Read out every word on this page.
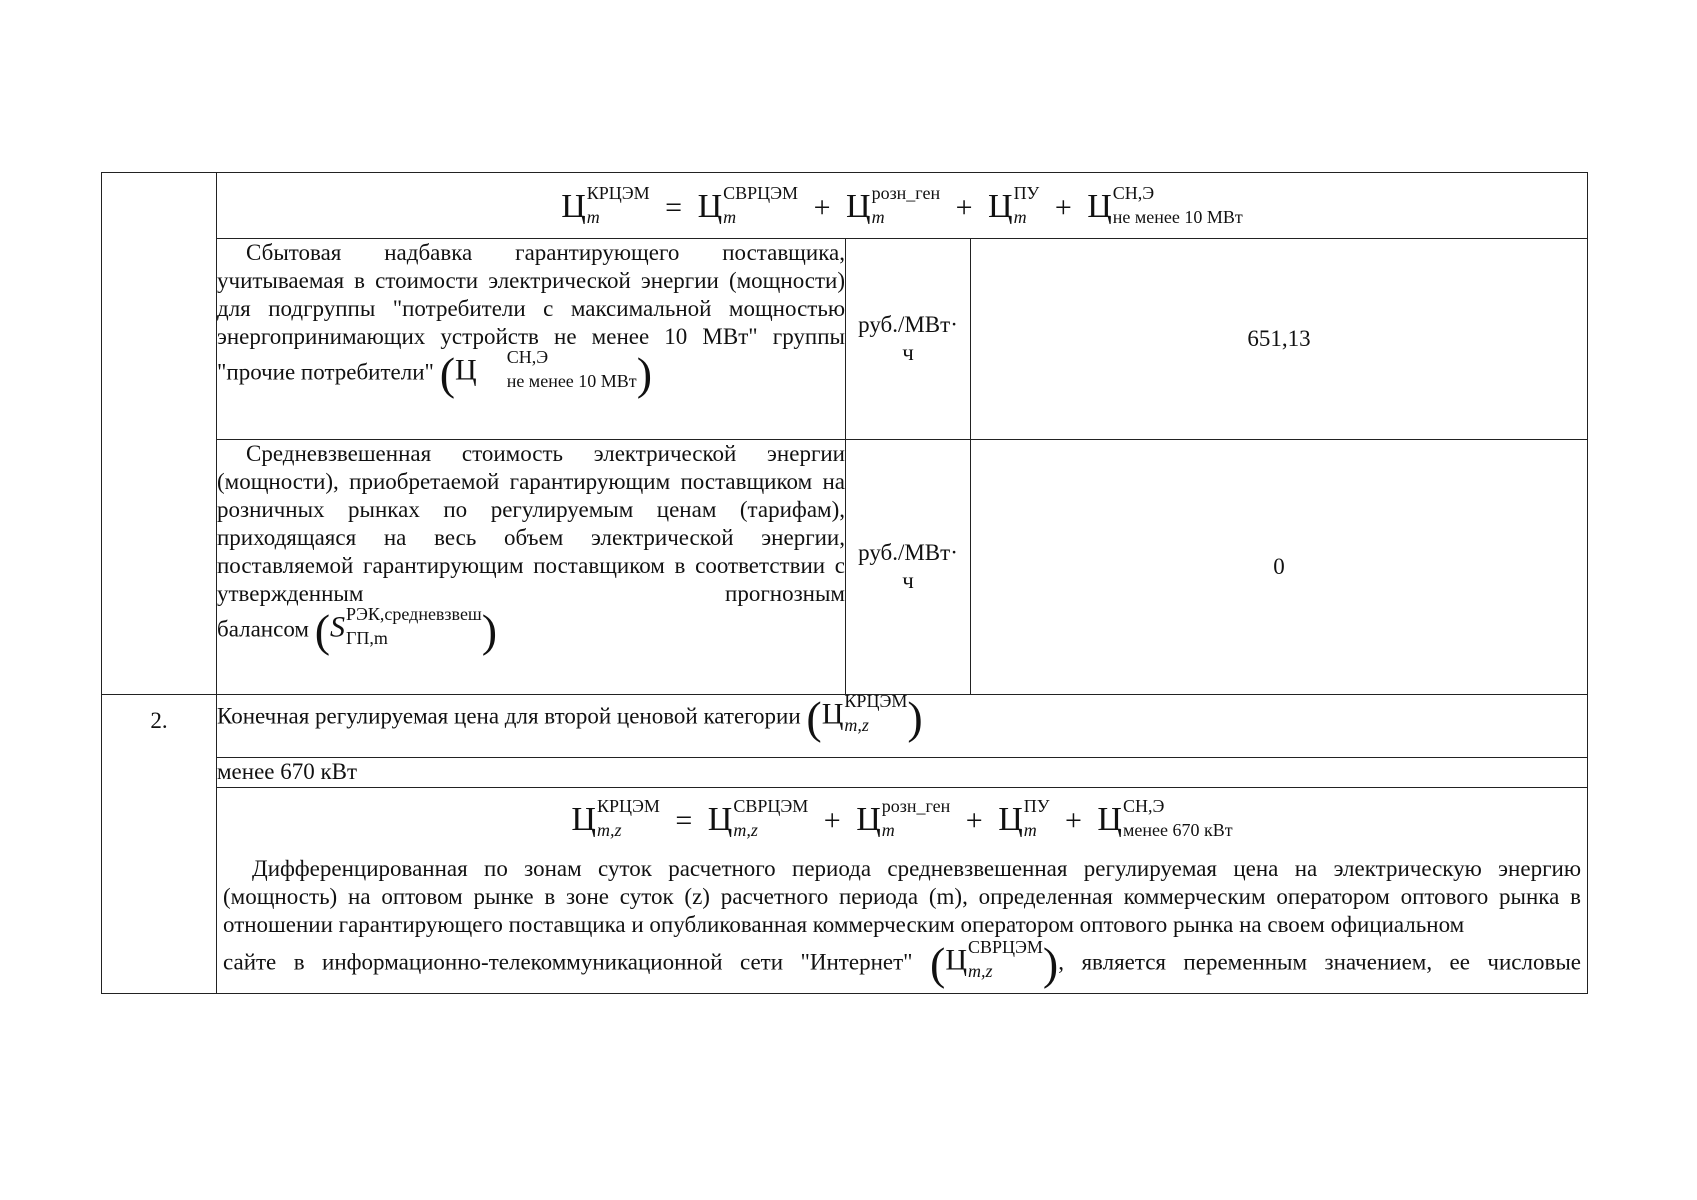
Ц КРЦЭМ
m	= Ц СВРЦЭМ
m	+ Ц розн_ген
m	+ Ц ПУ
m + Ц СН,Э
не менее 10 МВт

Сбытовая надбавка гарантирующего поставщика, учитываемая в стоимости электрической энергии (мощности) для подгруппы "потребители с максимальной мощностью энергопринимающих устройств не менее 10 МВт" группы "прочие потребители" (Ц	СН,Э
не менее 10 МВт )	
руб./МВт·
ч
	651,13

Средневзвешенная стоимость электрической энергии (мощности), приобретаемой гарантирующим поставщиком на розничных рынках по регулируемым ценам (тарифам), приходящаяся на весь объем электрической энергии, поставляемой гарантирующим поставщиком в соответствии с утвержденным прогнозным
балансом (S РЭК,средневзвеш
ГП,m	)

руб./МВт·
ч
	0

2.	Конечная регулируемая цена для второй ценовой категории (Ц КРЦЭМ
m,z )
менее 670 кВт

Ц КРЦЭМ
m,z	= Ц СВРЦЭМ
m,z	+ Ц розн_ген
m	+ Ц ПУ
m + Ц СН,Э
менее 670 кВт
Дифференцированная по зонам суток расчетного периода средневзвешенная регулируемая цена на электрическую энергию (мощность) на оптовом рынке в зоне суток (z) расчетного периода (m), определенная коммерческим оператором оптового рынка в отношении гарантирующего поставщика и опубликованная коммерческим оператором оптового рынка на своем официальном
сайте в информационно-телекоммуникационной сети "Интернет" (Ц СВРЦЭМ
m,z	), является переменным значением, ее числовые
